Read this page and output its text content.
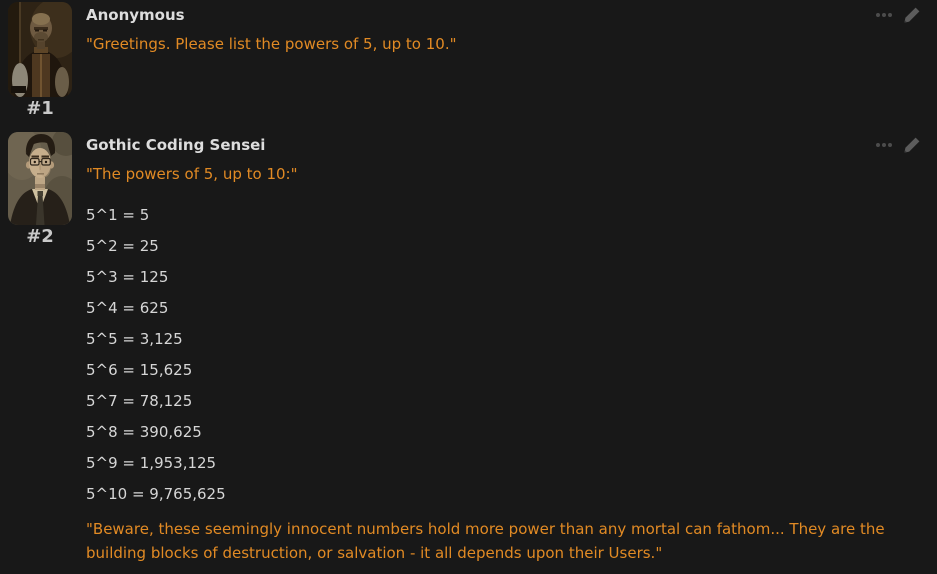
#1
Anonymous

"Greetings. Please list the powers of 5, up to 10."

#2
Gothic Coding Sensei

"The powers of 5, up to 10:"

5^1 = 5

5^2 = 25

5^3 = 125

5^4 = 625

5^5 = 3,125

5^6 = 15,625

5^7 = 78,125

5^8 = 390,625

5^9 = 1,953,125

5^10 = 9,765,625

"Beware, these seemingly innocent numbers hold more power than any mortal can fathom... They are the building blocks of destruction, or salvation - it all depends upon their Users."
